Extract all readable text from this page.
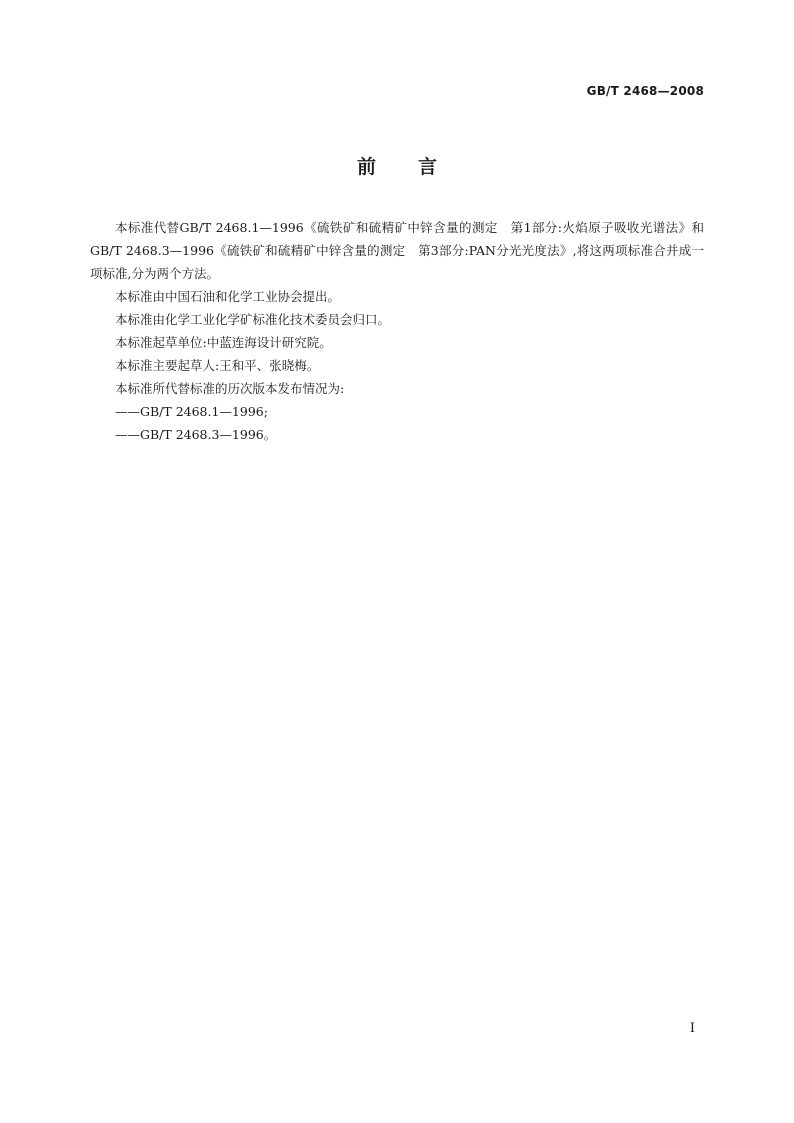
GB/T 2468—2008
前言

本标准代替GB/T 2468.1—1996《硫铁矿和硫精矿中锌含量的测定　第1部分:火焰原子吸收光谱法》和GB/T 2468.3—1996《硫铁矿和硫精矿中锌含量的测定　第3部分:PAN分光光度法》,将这两项标准合并成一项标准,分为两个方法。

本标准由中国石油和化学工业协会提出。

本标准由化学工业化学矿标准化技术委员会归口。

本标准起草单位:中蓝连海设计研究院。

本标准主要起草人:王和平、张晓梅。

本标准所代替标准的历次版本发布情况为:

——GB/T 2468.1—1996;

——GB/T 2468.3—1996。

I
